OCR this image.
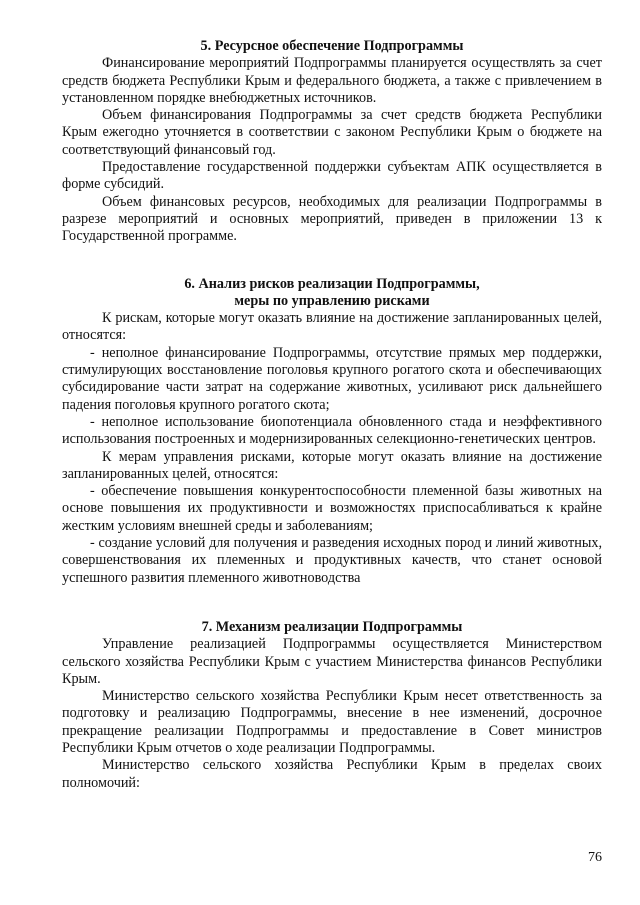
5. Ресурсное обеспечение Подпрограммы

Финансирование мероприятий Подпрограммы планируется осуществлять за счет средств бюджета Республики Крым и федерального бюджета, а также с привлечением в установленном порядке внебюджетных источников.

Объем финансирования Подпрограммы за счет средств бюджета Республики Крым ежегодно уточняется в соответствии с законом Республики Крым о бюджете на соответствующий финансовый год.

Предоставление государственной поддержки субъектам АПК осуществляется в форме субсидий.

Объем финансовых ресурсов, необходимых для реализации Подпрограммы в разрезе мероприятий и основных мероприятий, приведен в приложении 13 к Государственной программе.

6. Анализ рисков реализации Подпрограммы,

меры по управлению рисками

К рискам, которые могут оказать влияние на достижение запланированных целей, относятся:

- неполное финансирование Подпрограммы, отсутствие прямых мер поддержки, стимулирующих восстановление поголовья крупного рогатого скота и обеспечивающих субсидирование части затрат на содержание животных, усиливают риск дальнейшего падения поголовья крупного рогатого скота;

- неполное использование биопотенциала обновленного стада и неэффективного использования построенных и модернизированных селекционно-генетических центров.

К мерам управления рисками, которые могут оказать влияние на достижение запланированных целей, относятся:

- обеспечение повышения конкурентоспособности племенной базы животных на основе повышения их продуктивности и возможностях приспосабливаться к крайне жестким условиям внешней среды и заболеваниям;

- создание условий для получения и разведения исходных пород и линий животных, совершенствования их племенных и продуктивных качеств, что станет основой успешного развития племенного животноводства

7. Механизм реализации Подпрограммы

Управление реализацией Подпрограммы осуществляется Министерством сельского хозяйства Республики Крым с участием Министерства финансов Республики Крым.

Министерство сельского хозяйства Республики Крым несет ответственность за подготовку и реализацию Подпрограммы, внесение в нее изменений, досрочное прекращение реализации Подпрограммы и предоставление в Совет министров Республики Крым отчетов о ходе реализации Подпрограммы.

Министерство сельского хозяйства Республики Крым в пределах своих полномочий:

76
